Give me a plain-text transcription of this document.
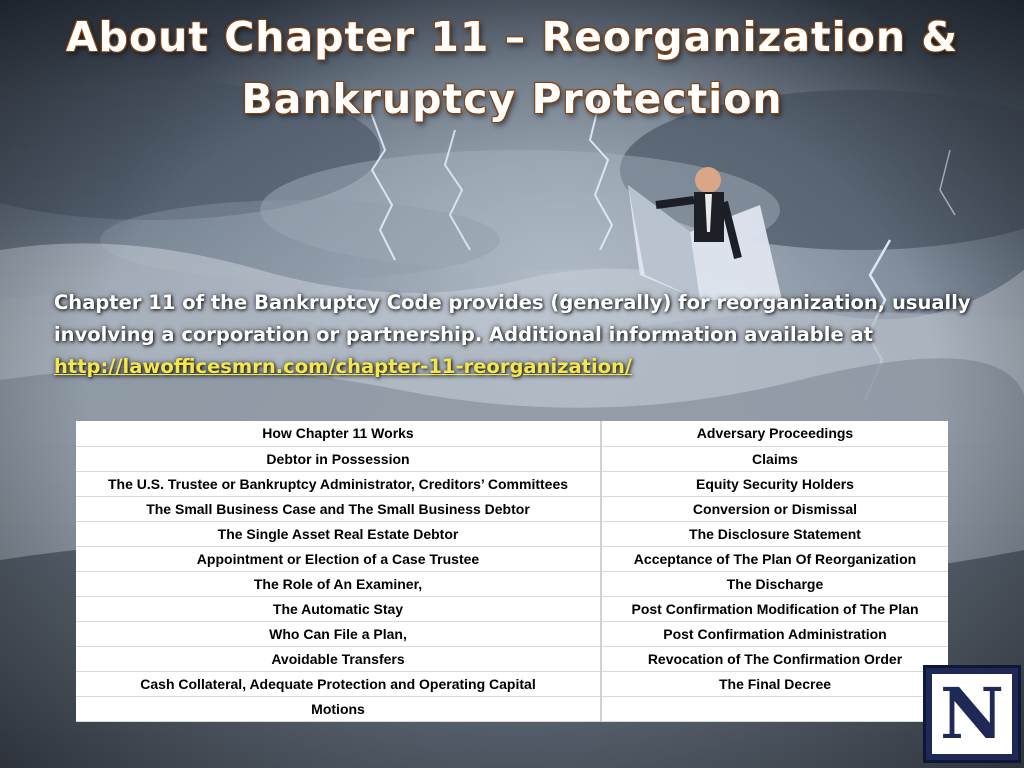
About Chapter 11 – Reorganization &
Bankruptcy Protection
Chapter 11 of the Bankruptcy Code provides (generally) for reorganization, usually involving a corporation or partnership. Additional information available at http://lawofficesmrn.com/chapter-11-reorganization/
How Chapter 11 Works	Adversary Proceedings
Debtor in Possession	Claims
The U.S. Trustee or Bankruptcy Administrator, Creditors’ Committees	Equity Security Holders
The Small Business Case and The Small Business Debtor	Conversion or Dismissal
The Single Asset Real Estate Debtor	The Disclosure Statement
Appointment or Election of a Case Trustee	Acceptance of The Plan Of Reorganization
The Role of An Examiner,	The Discharge
The Automatic Stay	Post Confirmation Modification of The Plan
Who Can File a Plan,	Post Confirmation Administration
Avoidable Transfers	Revocation of The Confirmation Order
Cash Collateral, Adequate Protection and Operating Capital	The Final Decree
Motions		N
